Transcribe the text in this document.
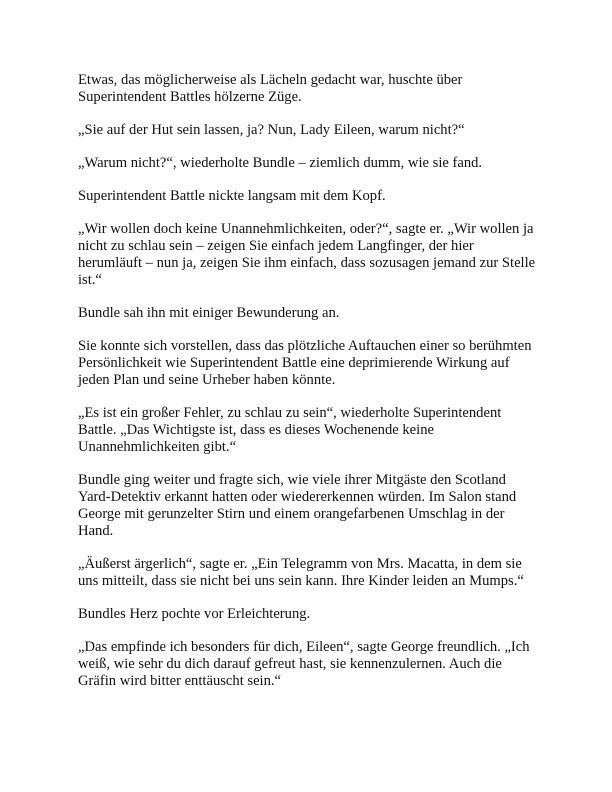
Etwas, das möglicherweise als Lächeln gedacht war, huschte über Superintendent Battles hölzerne Züge.

„Sie auf der Hut sein lassen, ja? Nun, Lady Eileen, warum nicht?“

„Warum nicht?“, wiederholte Bundle – ziemlich dumm, wie sie fand.

Superintendent Battle nickte langsam mit dem Kopf.

„Wir wollen doch keine Unannehmlichkeiten, oder?“, sagte er. „Wir wollen ja nicht zu schlau sein – zeigen Sie einfach jedem Langfinger, der hier herumläuft – nun ja, zeigen Sie ihm einfach, dass sozusagen jemand zur Stelle ist.“

Bundle sah ihn mit einiger Bewunderung an.

Sie konnte sich vorstellen, dass das plötzliche Auftauchen einer so berühmten Persönlichkeit wie Superintendent Battle eine deprimierende Wirkung auf jeden Plan und seine Urheber haben könnte.

„Es ist ein großer Fehler, zu schlau zu sein“, wiederholte Superintendent Battle. „Das Wichtigste ist, dass es dieses Wochenende keine Unannehmlichkeiten gibt.“

Bundle ging weiter und fragte sich, wie viele ihrer Mitgäste den Scotland Yard-Detektiv erkannt hatten oder wiedererkennen würden. Im Salon stand George mit gerunzelter Stirn und einem orangefarbenen Umschlag in der Hand.

„Äußerst ärgerlich“, sagte er. „Ein Telegramm von Mrs. Macatta, in dem sie uns mitteilt, dass sie nicht bei uns sein kann. Ihre Kinder leiden an Mumps.“

Bundles Herz pochte vor Erleichterung.

„Das empfinde ich besonders für dich, Eileen“, sagte George freundlich. „Ich weiß, wie sehr du dich darauf gefreut hast, sie kennenzulernen. Auch die Gräfin wird bitter enttäuscht sein.“
